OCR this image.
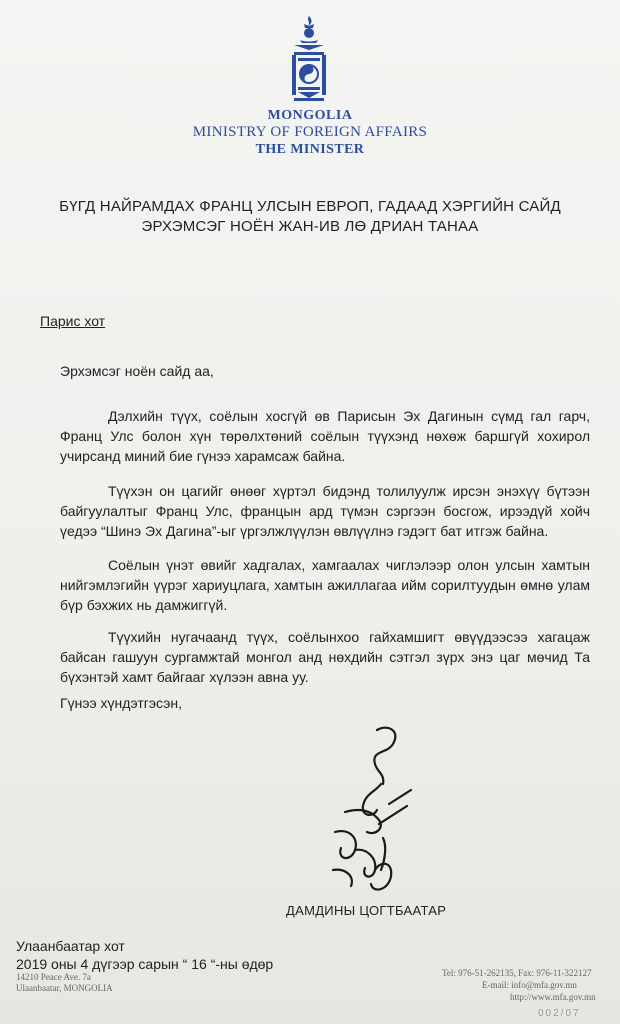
MONGOLIA
MINISTRY OF FOREIGN AFFAIRS
THE MINISTER
БҮГД НАЙРАМДАХ ФРАНЦ УЛСЫН ЕВРОП, ГАДААД ХЭРГИЙН САЙД
ЭРХЭМСЭГ НОЁН ЖАН-ИВ ЛӨ ДРИАН ТАНАА
Парис хот
Эрхэмсэг ноён сайд аа,

Дэлхийн түүх, соёлын хосгүй өв Парисын Эх Дагинын сүмд гал гарч, Франц Улс болон хүн төрөлхтөний соёлын түүхэнд нөхөж баршгүй хохирол учирсанд миний бие гүнээ харамсаж байна.

Түүхэн он цагийг өнөөг хүртэл бидэнд толилуулж ирсэн энэхүү бүтээн байгуулалтыг Франц Улс, францын ард түмэн сэргээн босгож, ирээдүй хойч үедээ “Шинэ Эх Дагина”-ыг үргэлжлүүлэн өвлүүлнэ гэдэгт бат итгэж байна.

Соёлын үнэт өвийг хадгалах, хамгаалах чиглэлээр олон улсын хамтын нийгэмлэгийн үүрэг хариуцлага, хамтын ажиллагаа ийм сорилтуудын өмнө улам бүр бэхжих нь дамжиггүй.

Түүхийн нугачаанд түүх, соёлынхоо гайхамшигт өвүүдээсээ хагацаж байсан гашуун сургамжтай монгол анд нөхдийн сэтгэл зүрх энэ цаг мөчид Та бүхэнтэй хамт байгааг хүлээн авна уу.

Гүнээ хүндэтгэсэн,
ДАМДИНЫ ЦОГТБААТАР
Улаанбаатар хот
2019 оны 4 дүгээр сарын “ 16 “-ны өдөр
14210 Peace Ave. 7a
Ulaanbaatar, MONGOLIA
Tel: 976-51-262135, Fax: 976-11-322127
E-mail: info@mfa.gov.mn
http://www.mfa.gov.mn
002/07
